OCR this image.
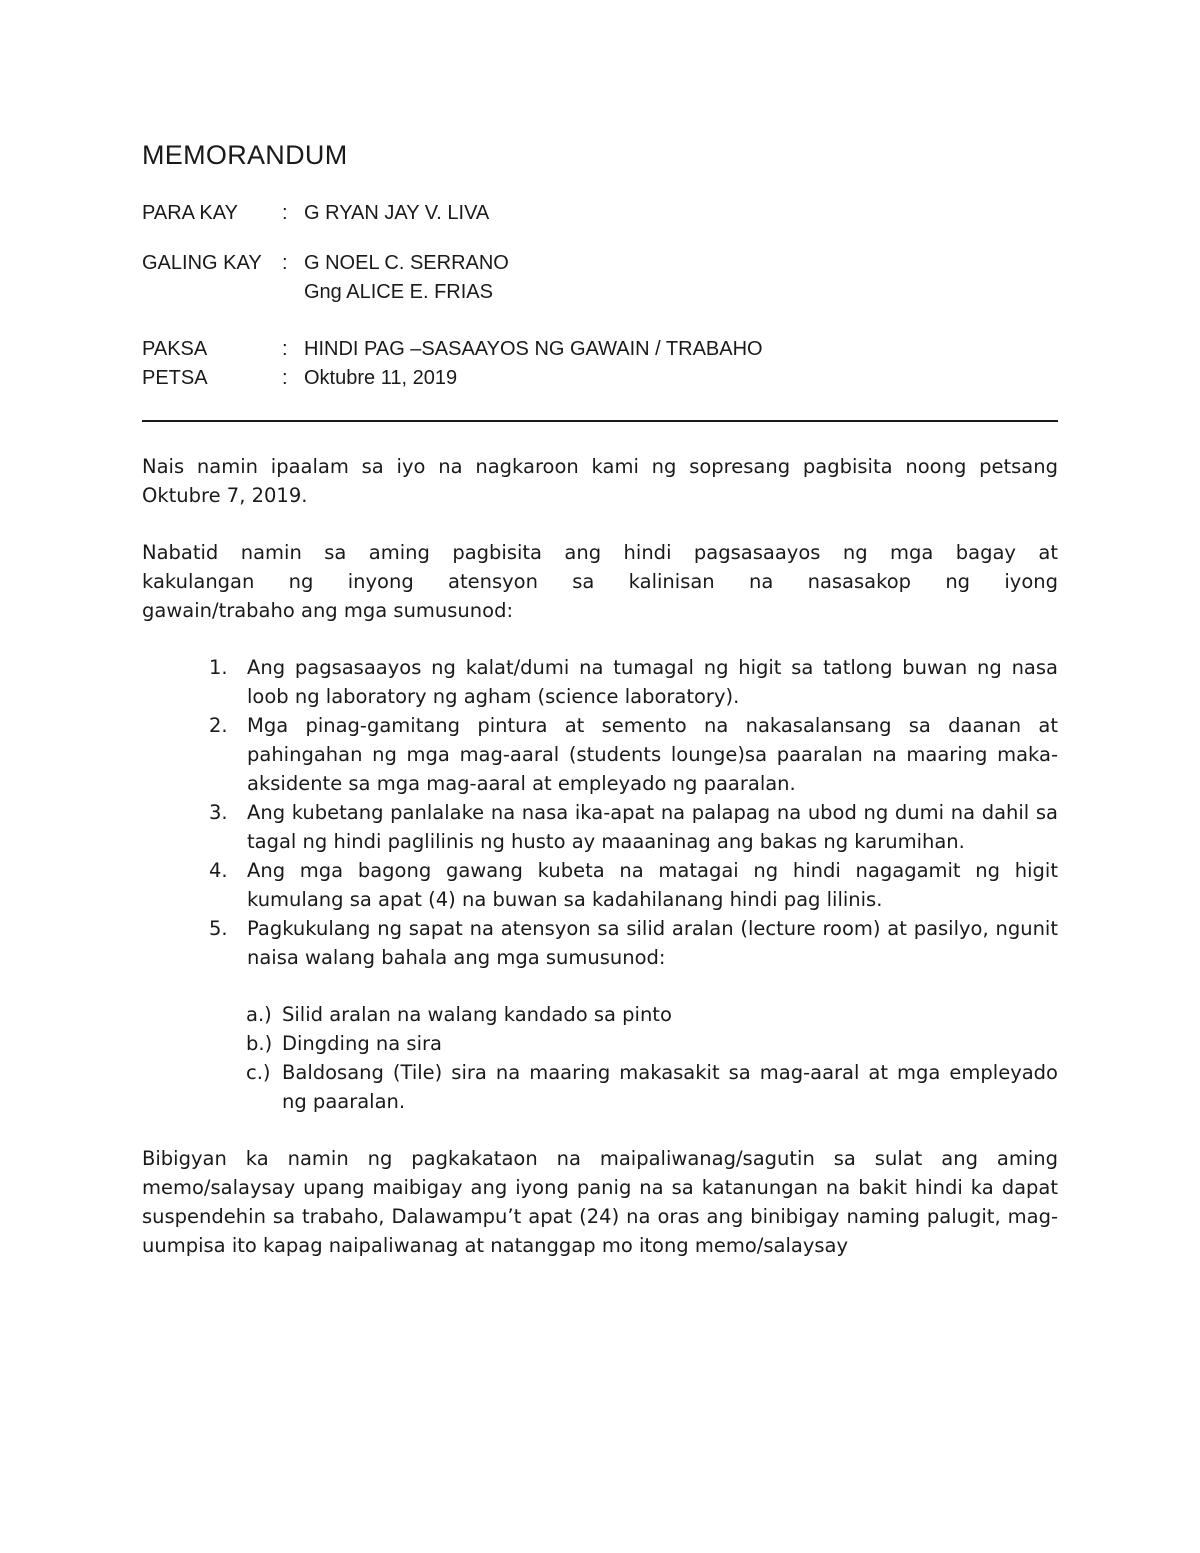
MEMORANDUM
PARA KAY	: G RYAN JAY V. LIVA
GALING KAY	: G NOEL C. SERRANO
Gng ALICE E. FRIAS
PAKSA	: HINDI PAG –SASAAYOS NG GAWAIN / TRABAHO
PETSA	: Oktubre 11, 2019

Nais namin ipaalam sa iyo na nagkaroon kami ng sopresang pagbisita noong petsang Oktubre 7, 2019.

Nabatid namin sa aming pagbisita ang hindi pagsasaayos ng mga bagay at
kakulangan ng inyong atensyon sa kalinisan na nasasakop ng iyong
gawain/trabaho ang mga sumusunod:
1. Ang pagsasaayos ng kalat/dumi na tumagal ng higit sa tatlong buwan ng nasa loob ng laboratory ng agham (science laboratory).
2. Mga pinag-gamitang pintura at semento na nakasalansang sa daanan at pahingahan ng mga mag-aaral (students lounge)sa paaralan na maaring maka- aksidente sa mga mag-aaral at empleyado ng paaralan.
3. Ang kubetang panlalake na nasa ika-apat na palapag na ubod ng dumi na dahil sa tagal ng hindi paglilinis ng husto ay maaaninag ang bakas ng karumihan.
4. Ang mga bagong gawang kubeta na matagai ng hindi nagagamit ng higit kumulang sa apat (4) na buwan sa kadahilanang hindi pag lilinis.
5. Pagkukulang ng sapat na atensyon sa silid aralan (lecture room) at pasilyo, ngunit naisa walang bahala ang mga sumusunod:
a.) Silid aralan na walang kandado sa pinto
b.) Dingding na sira
c.) Baldosang (Tile) sira na maaring makasakit sa mag-aaral at mga empleyado ng paaralan.

Bibigyan ka namin ng pagkakataon na maipaliwanag/sagutin sa sulat ang aming memo/salaysay upang maibigay ang iyong panig na sa katanungan na bakit hindi ka dapat suspendehin sa trabaho, Dalawampu’t apat (24) na oras ang binibigay naming palugit, mag-uumpisa ito kapag naipaliwanag at natanggap mo itong memo/salaysay
